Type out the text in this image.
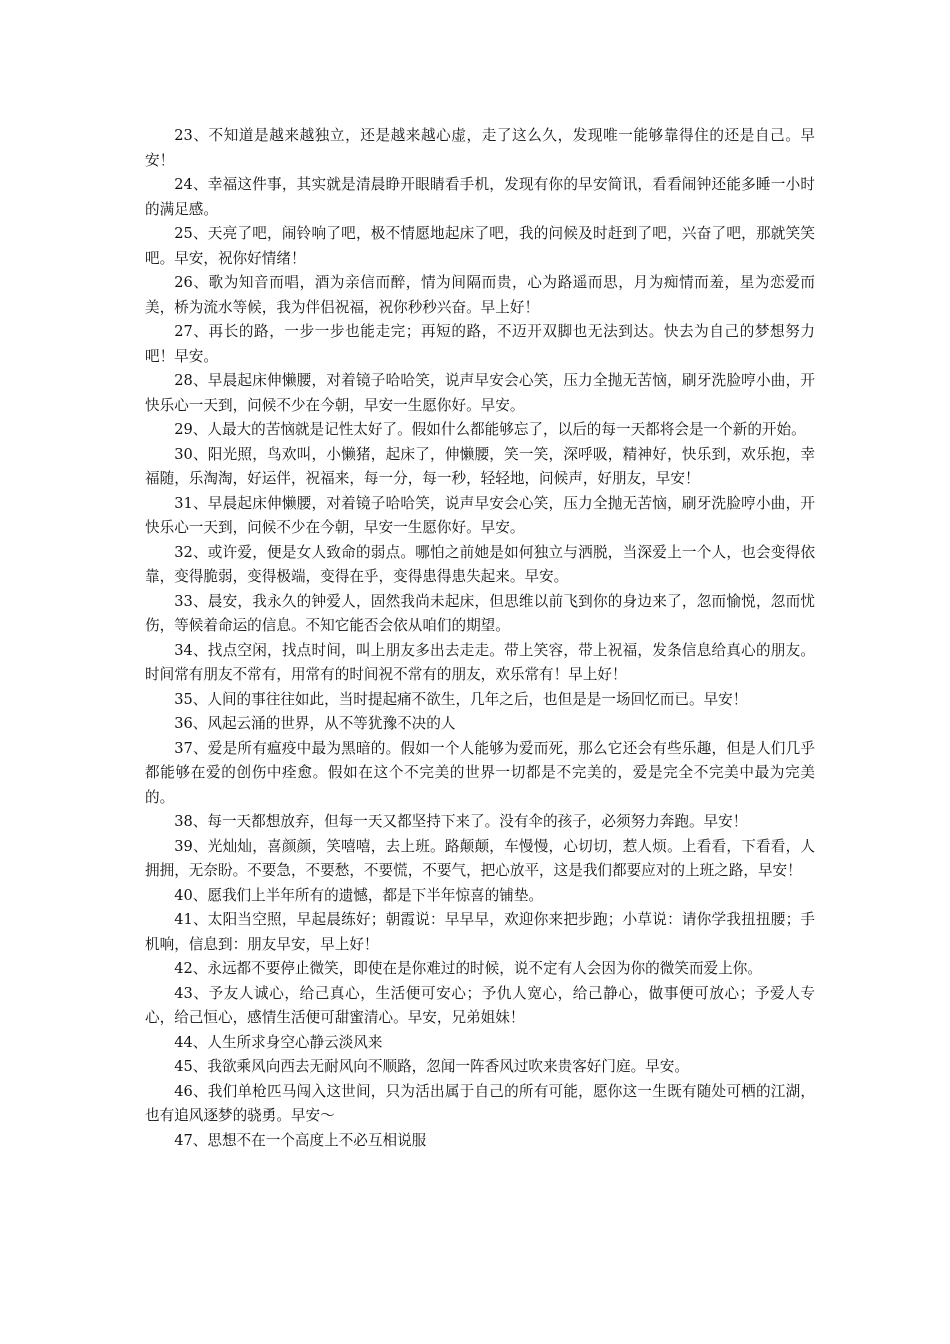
23、不知道是越来越独立，还是越来越心虚，走了这么久，发现唯一能够靠得住的还是自己。早安！

24、幸福这件事，其实就是清晨睁开眼睛看手机，发现有你的早安简讯，看看闹钟还能多睡一小时的满足感。

25、天亮了吧，闹铃响了吧，极不情愿地起床了吧，我的问候及时赶到了吧，兴奋了吧，那就笑笑吧。早安，祝你好情绪！

26、歌为知音而唱，酒为亲信而醉，情为间隔而贵，心为路遥而思，月为痴情而羞，星为恋爱而美，桥为流水等候，我为伴侣祝福，祝你秒秒兴奋。早上好！

27、再长的路，一步一步也能走完；再短的路，不迈开双脚也无法到达。快去为自己的梦想努力吧！早安。

28、早晨起床伸懒腰，对着镜子哈哈笑，说声早安会心笑，压力全抛无苦恼，刷牙洗脸哼小曲，开快乐心一天到，问候不少在今朝，早安一生愿你好。早安。

29、人最大的苦恼就是记性太好了。假如什么都能够忘了，以后的每一天都将会是一个新的开始。

30、阳光照，鸟欢叫，小懒猪，起床了，伸懒腰，笑一笑，深呼吸，精神好，快乐到，欢乐抱，幸福随，乐淘淘，好运伴，祝福来，每一分，每一秒，轻轻地，问候声，好朋友，早安！

31、早晨起床伸懒腰，对着镜子哈哈笑，说声早安会心笑，压力全抛无苦恼，刷牙洗脸哼小曲，开快乐心一天到，问候不少在今朝，早安一生愿你好。早安。

32、或许爱，便是女人致命的弱点。哪怕之前她是如何独立与洒脱，当深爱上一个人，也会变得依靠，变得脆弱，变得极端，变得在乎，变得患得患失起来。早安。

33、晨安，我永久的钟爱人，固然我尚未起床，但思维以前飞到你的身边来了，忽而愉悦，忽而忧伤，等候着命运的信息。不知它能否会依从咱们的期望。

34、找点空闲，找点时间，叫上朋友多出去走走。带上笑容，带上祝福，发条信息给真心的朋友。时间常有朋友不常有，用常有的时间祝不常有的朋友，欢乐常有！早上好！

35、人间的事往往如此，当时提起痛不欲生，几年之后，也但是是一场回忆而已。早安！

36、风起云涌的世界，从不等犹豫不决的人

37、爱是所有瘟疫中最为黑暗的。假如一个人能够为爱而死，那么它还会有些乐趣，但是人们几乎都能够在爱的创伤中痊愈。假如在这个不完美的世界一切都是不完美的，爱是完全不完美中最为完美的。

38、每一天都想放弃，但每一天又都坚持下来了。没有伞的孩子，必须努力奔跑。早安！

39、光灿灿，喜颜颜，笑嘻嘻，去上班。路颠颠，车慢慢，心切切，惹人烦。上看看，下看看，人拥拥，无奈盼。不要急，不要愁，不要慌，不要气，把心放平，这是我们都要应对的上班之路，早安！

40、愿我们上半年所有的遗憾，都是下半年惊喜的铺垫。

41、太阳当空照，早起晨练好；朝霞说：早早早，欢迎你来把步跑；小草说：请你学我扭扭腰；手机响，信息到：朋友早安，早上好！

42、永远都不要停止微笑，即使在是你难过的时候，说不定有人会因为你的微笑而爱上你。

43、予友人诚心，给己真心，生活便可安心；予仇人宽心，给己静心，做事便可放心；予爱人专心，给己恒心，感情生活便可甜蜜清心。早安，兄弟姐妹！

44、人生所求身空心静云淡风来

45、我欲乘风向西去无耐风向不顺路，忽闻一阵香风过吹来贵客好门庭。早安。

46、我们单枪匹马闯入这世间，只为活出属于自己的所有可能，愿你这一生既有随处可栖的江湖，也有追风逐梦的骁勇。早安～

47、思想不在一个高度上不必互相说服
